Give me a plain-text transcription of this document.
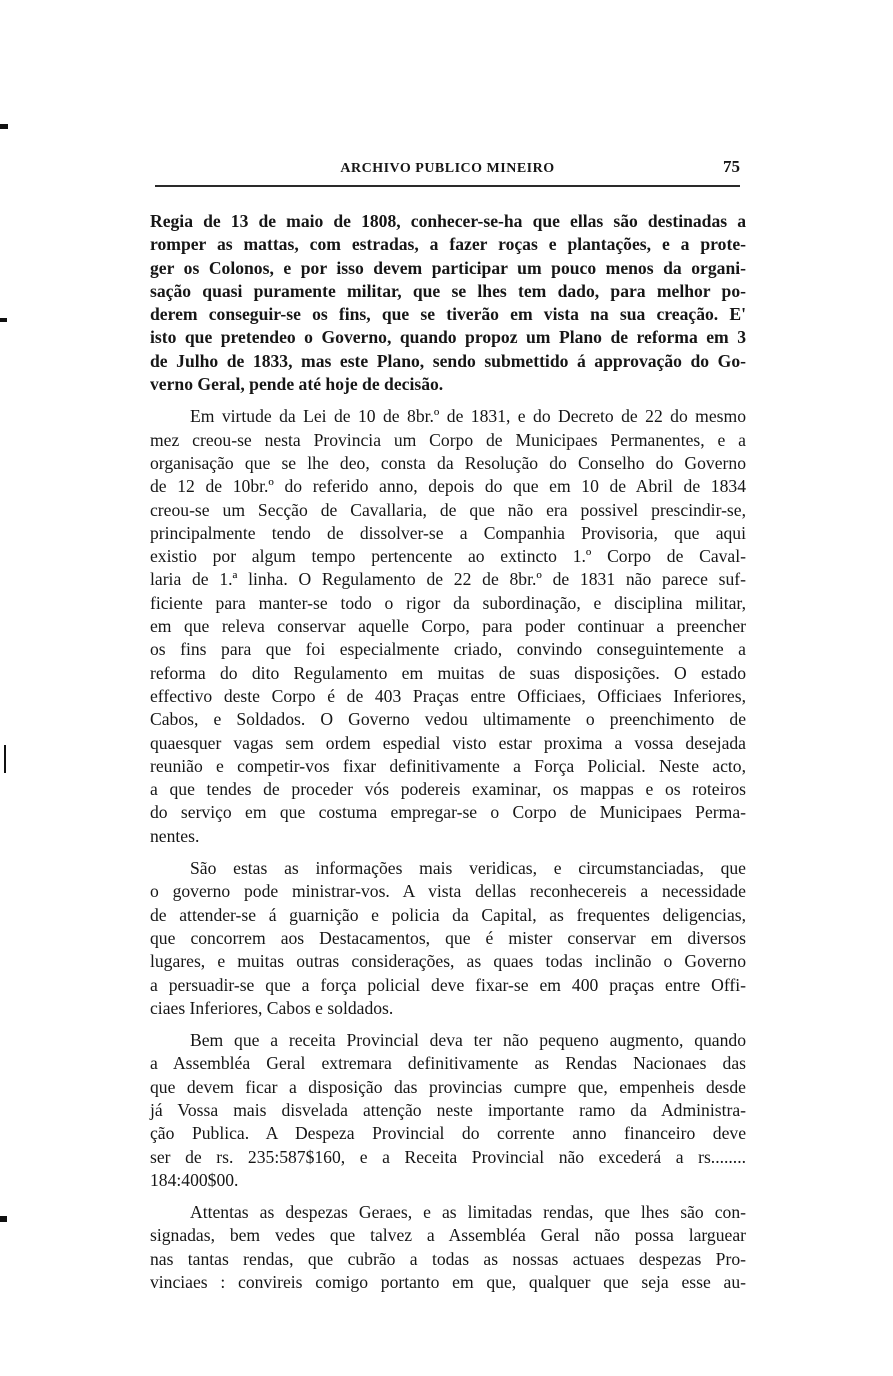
ARCHIVO PUBLICO MINEIRO	75
Regia de 13 de maio de 1808, conhecer-se-ha que ellas são destinadas a
romper as mattas, com estradas, a fazer roças e plantações, e a prote-
ger os Colonos, e por isso devem participar um pouco menos da organi-
sação quasi puramente militar, que se lhes tem dado, para melhor po-
derem conseguir-se os fins, que se tiverão em vista na sua creação. E'
isto que pretendeo o Governo, quando propoz um Plano de reforma em 3
de Julho de 1833, mas este Plano, sendo submettido á approvação do Go-
verno Geral, pende até hoje de decisão.
Em virtude da Lei de 10 de 8br.º de 1831, e do Decreto de 22 do mesmo
mez creou-se nesta Provincia um Corpo de Municipaes Permanentes, e a
organisação que se lhe deo, consta da Resolução do Conselho do Governo
de 12 de 10br.º do referido anno, depois do que em 10 de Abril de 1834
creou-se um Secção de Cavallaria, de que não era possivel prescindir-se,
principalmente tendo de dissolver-se a Companhia Provisoria, que aqui
existio por algum tempo pertencente ao extincto 1.º Corpo de Caval-
laria de 1.ª linha. O Regulamento de 22 de 8br.º de 1831 não parece suf-
ficiente para manter-se todo o rigor da subordinação, e disciplina militar,
em que releva conservar aquelle Corpo, para poder continuar a preencher
os fins para que foi especialmente criado, convindo conseguintemente a
reforma do dito Regulamento em muitas de suas disposições. O estado
effectivo deste Corpo é de 403 Praças entre Officiaes, Officiaes Inferiores,
Cabos, e Soldados. O Governo vedou ultimamente o preenchimento de
quaesquer vagas sem ordem espedial visto estar proxima a vossa desejada
reunião e competir-vos fixar definitivamente a Força Policial. Neste acto,
a que tendes de proceder vós podereis examinar, os mappas e os roteiros
do serviço em que costuma empregar-se o Corpo de Municipaes Perma-
nentes.
São estas as informações mais veridicas, e circumstanciadas, que
o governo pode ministrar-vos. A vista dellas reconhecereis a necessidade
de attender-se á guarnição e policia da Capital, as frequentes deligencias,
que concorrem aos Destacamentos, que é mister conservar em diversos
lugares, e muitas outras considerações, as quaes todas inclinão o Governo
a persuadir-se que a força policial deve fixar-se em 400 praças entre Offi-
ciaes Inferiores, Cabos e soldados.
Bem que a receita Provincial deva ter não pequeno augmento, quando
a Assembléa Geral extremara definitivamente as Rendas Nacionaes das
que devem ficar a disposição das provincias cumpre que, empenheis desde
já Vossa mais disvelada attenção neste importante ramo da Administra-
ção Publica. A Despeza Provincial do corrente anno financeiro deve
ser de rs. 235:587$160, e a Receita Provincial não excederá a rs........
184:400$00.
Attentas as despezas Geraes, e as limitadas rendas, que lhes são con-
signadas, bem vedes que talvez a Assembléa Geral não possa larguear
nas tantas rendas, que cubrão a todas as nossas actuaes despezas Pro-
vinciaes : convireis comigo portanto em que, qualquer que seja esse au-
